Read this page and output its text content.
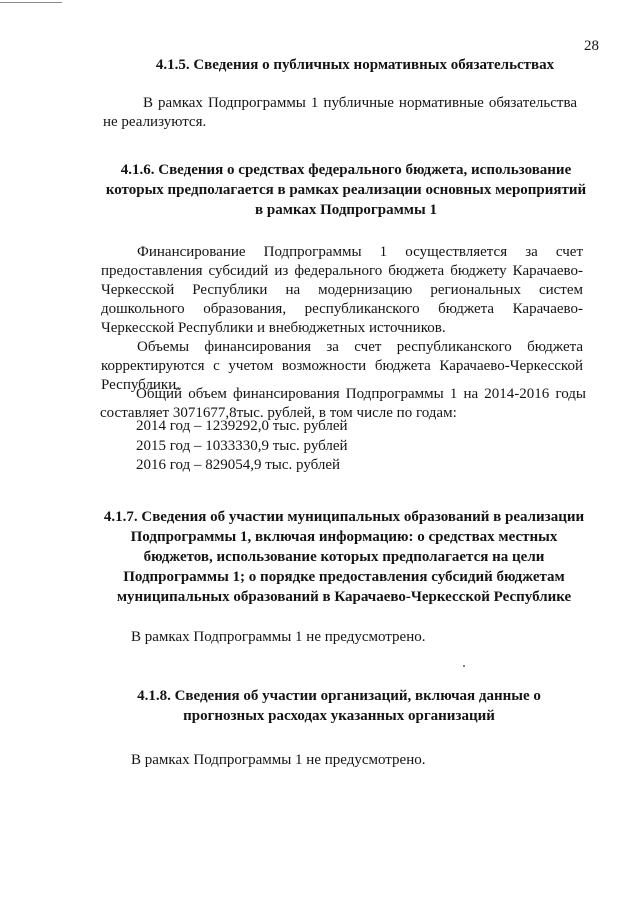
28
4.1.5. Сведения о публичных нормативных обязательствах
В рамках Подпрограммы 1 публичные нормативные обязательства не реализуются.
4.1.6. Сведения о средствах федерального бюджета, использование которых предполагается в рамках реализации основных мероприятий в рамках Подпрограммы 1
Финансирование Подпрограммы 1 осуществляется за счет предоставления субсидий из федерального бюджета бюджету Карачаево-Черкесской Республики на модернизацию региональных систем дошкольного образования, республиканского бюджета Карачаево-Черкесской Республики и внебюджетных источников.
Объемы финансирования за счет республиканского бюджета корректируются с учетом возможности бюджета Карачаево-Черкесской Республики.
Общий объем финансирования Подпрограммы 1 на 2014-2016 годы составляет 3071677,8тыс. рублей, в том числе по годам:
2014 год – 1239292,0 тыс. рублей
2015 год – 1033330,9 тыс. рублей
2016 год – 829054,9 тыс. рублей
4.1.7. Сведения об участии муниципальных образований в реализации Подпрограммы 1, включая информацию: о средствах местных бюджетов, использование которых предполагается на цели Подпрограммы 1; о порядке предоставления субсидий бюджетам муниципальных образований в Карачаево-Черкесской Республике
В рамках Подпрограммы 1 не предусмотрено.
4.1.8. Сведения об участии организаций, включая данные о прогнозных расходах указанных организаций
В рамках Подпрограммы 1 не предусмотрено.
